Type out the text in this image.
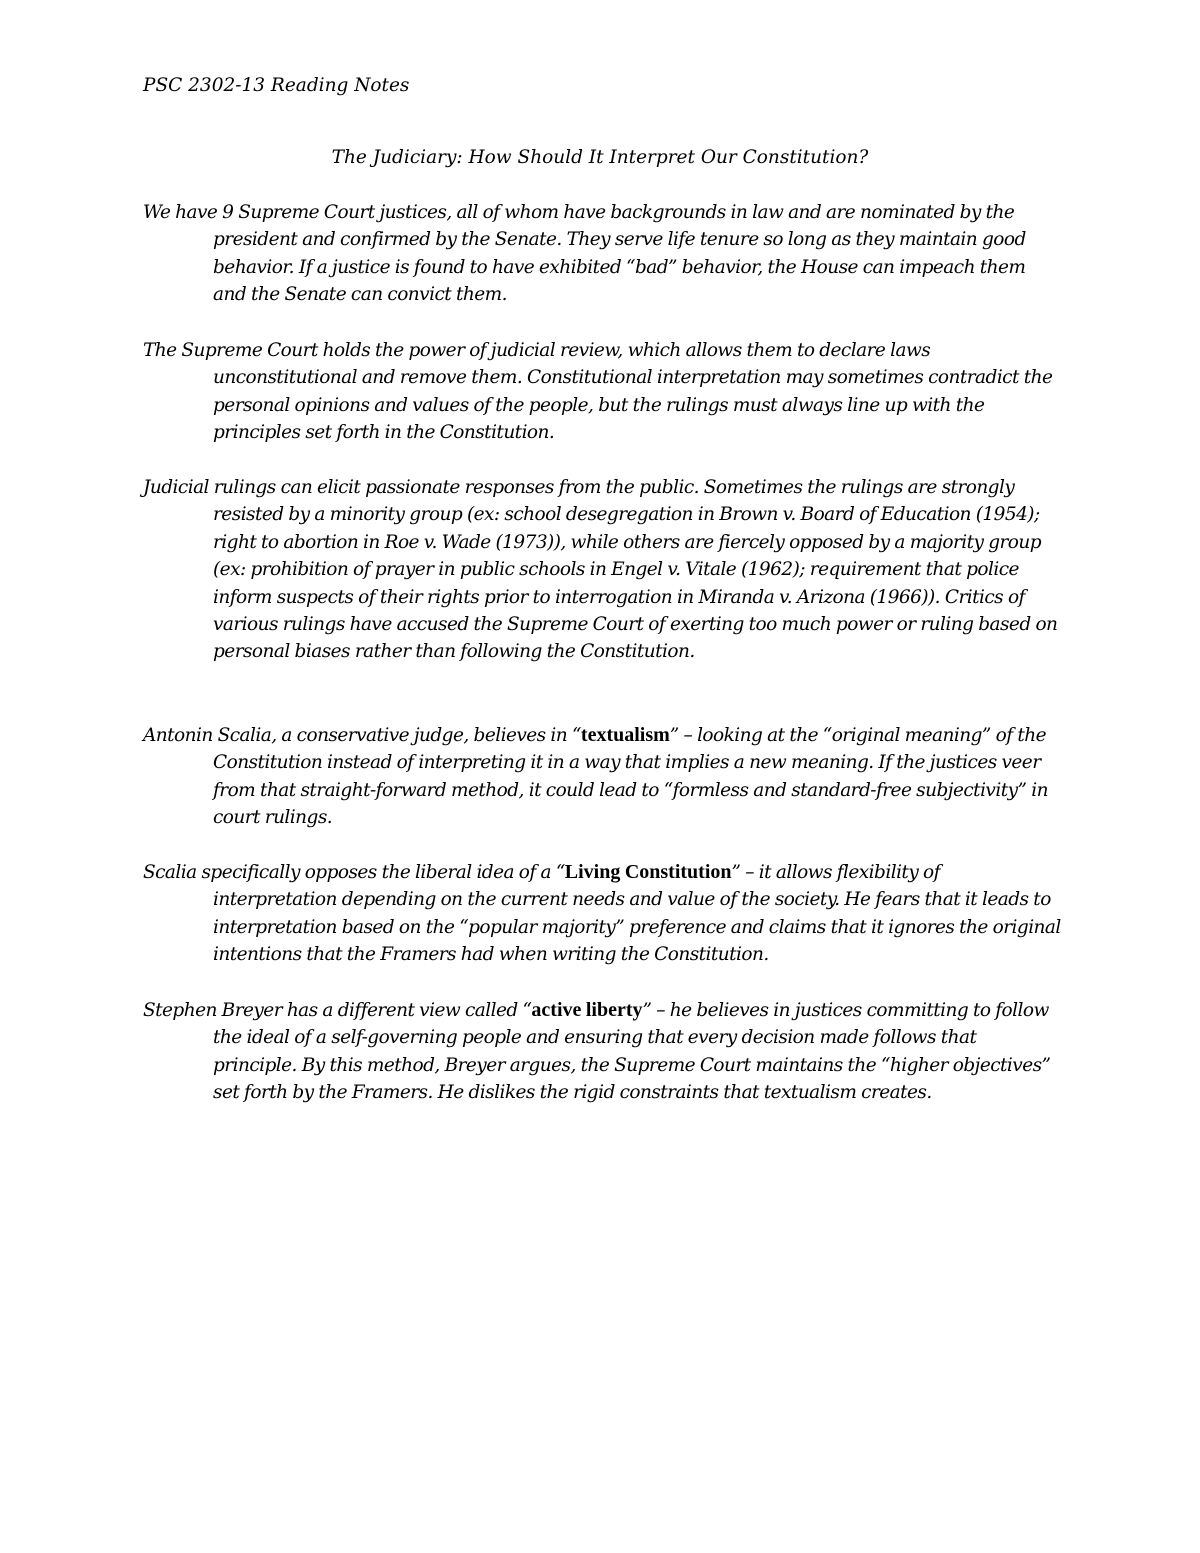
PSC 2302-13 Reading Notes

The Judiciary: How Should It Interpret Our Constitution?

We have 9 Supreme Court justices, all of whom have backgrounds in law and are nominated by the president and confirmed by the Senate. They serve life tenure so long as they maintain good behavior. If a justice is found to have exhibited “bad” behavior, the House can impeach them and the Senate can convict them.

The Supreme Court holds the power of judicial review, which allows them to declare laws unconstitutional and remove them. Constitutional interpretation may sometimes contradict the personal opinions and values of the people, but the rulings must always line up with the principles set forth in the Constitution.

Judicial rulings can elicit passionate responses from the public. Sometimes the rulings are strongly resisted by a minority group (ex: school desegregation in Brown v. Board of Education (1954); right to abortion in Roe v. Wade (1973)), while others are fiercely opposed by a majority group (ex: prohibition of prayer in public schools in Engel v. Vitale (1962); requirement that police inform suspects of their rights prior to interrogation in Miranda v. Arizona (1966)). Critics of various rulings have accused the Supreme Court of exerting too much power or ruling based on personal biases rather than following the Constitution.

Antonin Scalia, a conservative judge, believes in “textualism” – looking at the “original meaning” of the Constitution instead of interpreting it in a way that implies a new meaning. If the justices veer from that straight-forward method, it could lead to “formless and standard-free subjectivity” in court rulings.

Scalia specifically opposes the liberal idea of a “Living Constitution” – it allows flexibility of interpretation depending on the current needs and value of the society. He fears that it leads to interpretation based on the “popular majority” preference and claims that it ignores the original intentions that the Framers had when writing the Constitution.

Stephen Breyer has a different view called “active liberty” – he believes in justices committing to follow the ideal of a self-governing people and ensuring that every decision made follows that principle. By this method, Breyer argues, the Supreme Court maintains the “higher objectives” set forth by the Framers. He dislikes the rigid constraints that textualism creates.
